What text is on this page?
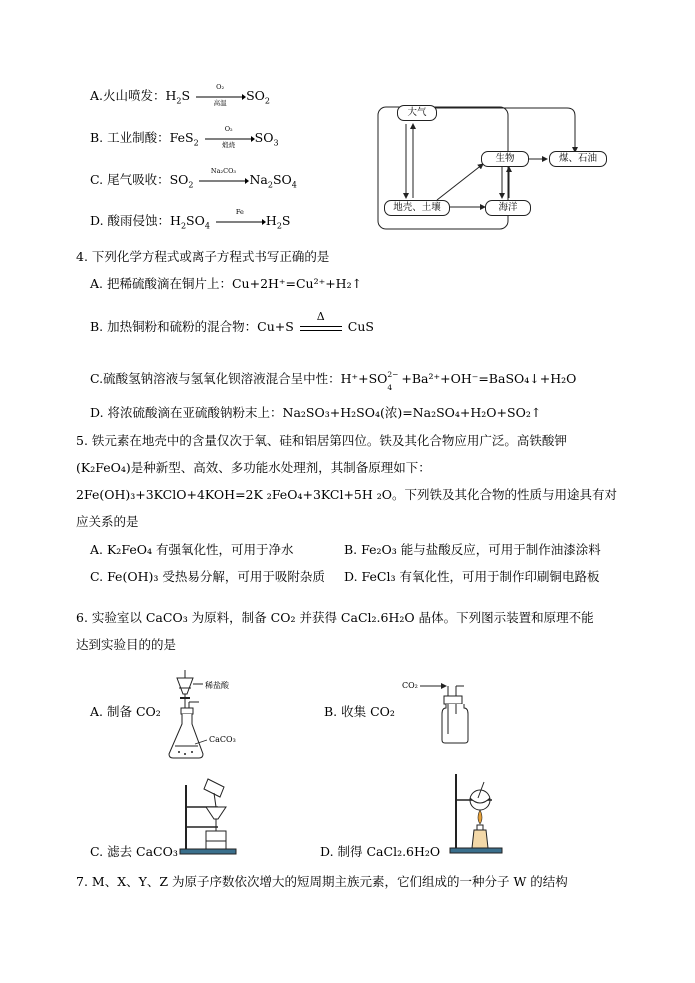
A.火山喷发：$H_2S$
O₂
高温	$SO_2$
B. 工业制酸：FeS$_2$
O₂
煅烧	$SO_3$
C. 尾气吸收：$SO_2$
Na₂CO₃
$Na_2SO_4$
D. 酸雨侵蚀：$H_2SO_4$
Fe
$H_2S$
大气
生物	煤、石油
地壳、土壤	海洋
4. 下列化学方程式或离子方程式书写正确的是
A. 把稀硫酸滴在铜片上：Cu+2H⁺=Cu²⁺+H₂↑
B. 加热铜粉和硫粉的混合物：Cu+S
Δ
CuS
C.硫酸氢钠溶液与氢氧化钡溶液混合呈中性：H⁺+SO 2−
4
+Ba²⁺+OH⁻=BaSO₄↓+H₂O
D. 将浓硫酸滴在亚硫酸钠粉末上：Na₂SO₃+H₂SO₄(浓)=Na₂SO₄+H₂O+SO₂↑
5. 铁元素在地壳中的含量仅次于氧、硅和铝居第四位。铁及其化合物应用广泛。高铁酸钾
(K₂FeO₄)是种新型、高效、多功能水处理剂，其制备原理如下：
2Fe(OH)₃+3KClO+4KOH=2K ₂FeO₄+3KCl+5H ₂O。下列铁及其化合物的性质与用途具有对
应关系的是
A. K₂FeO₄ 有强氧化性，可用于净水	B. Fe₂O₃ 能与盐酸反应，可用于制作油漆涂料
C. Fe(OH)₃ 受热易分解，可用于吸附杂质 D. FeCl₃ 有氧化性，可用于制作印刷铜电路板
6. 实验室以 CaCO₃ 为原料，制备 CO₂ 并获得 CaCl₂.6H₂O 晶体。下列图示装置和原理不能
达到实验目的的是
A. 制备 CO₂
稀盐酸
CaCO₃
B. 收集 CO₂
CO₂
C. 滤去 CaCO₃	D. 制得 CaCl₂.6H₂O
7. M、X、Y、Z 为原子序数依次增大的短周期主族元素，它们组成的一种分子 W 的结构
